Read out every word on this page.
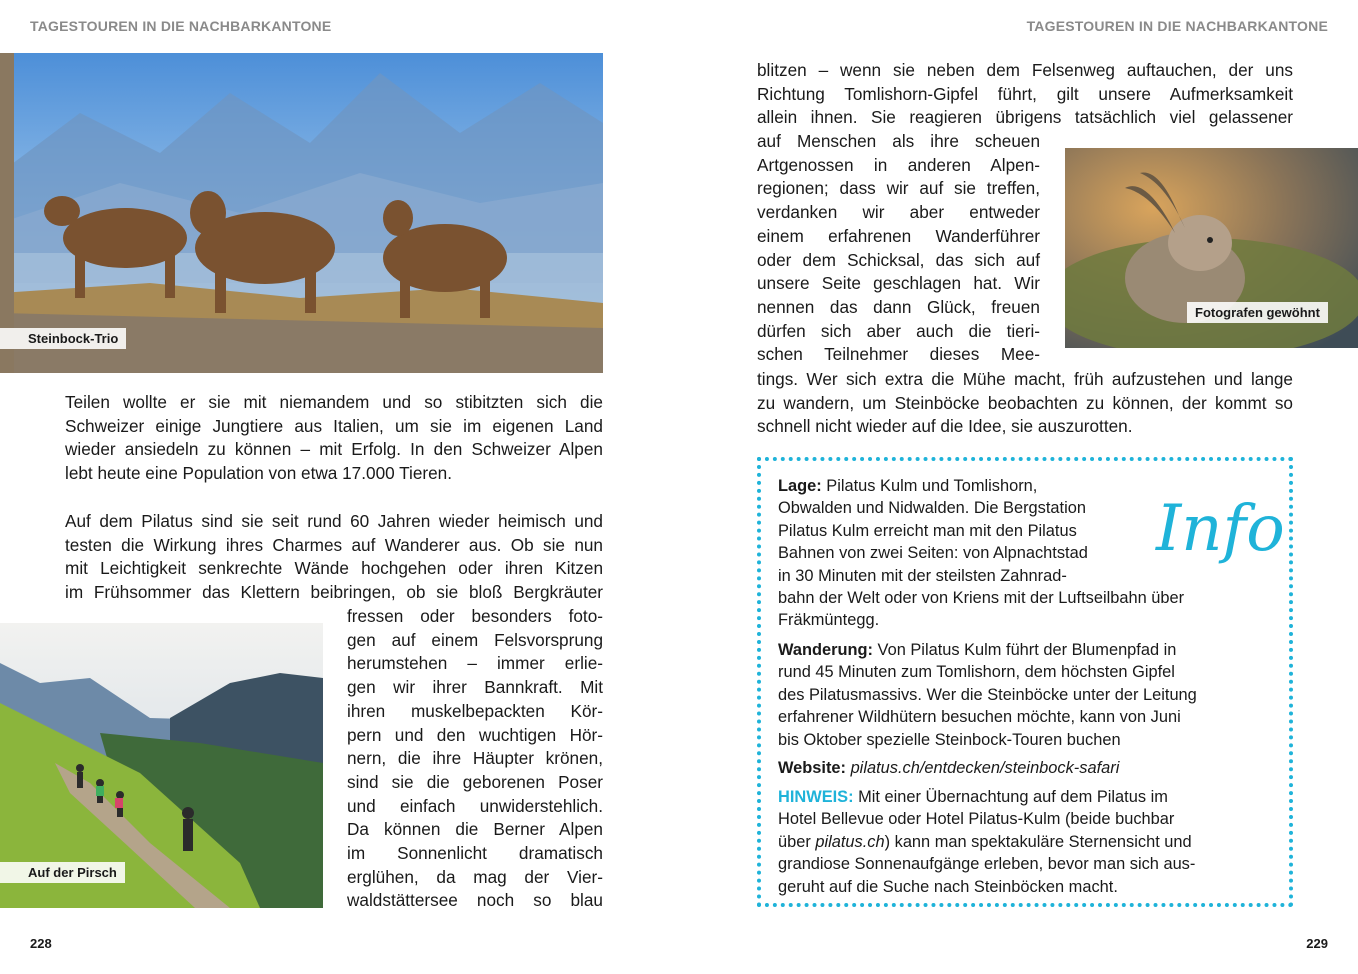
TAGESTOUREN IN DIE NACHBARKANTONE	TAGESTOUREN IN DIE NACHBARKANTONE
Steinbock-Trio
Teilen wollte er sie mit niemandem und so stibitzten sich die
Schweizer einige Jungtiere aus Italien, um sie im eigenen Land
wieder ansiedeln zu können – mit Erfolg. In den Schweizer Alpen
lebt heute eine Population von etwa 17.000 Tieren.
Auf dem Pilatus sind sie seit rund 60 Jahren wieder heimisch und
testen die Wirkung ihres Charmes auf Wanderer aus. Ob sie nun
mit Leichtigkeit senkrechte Wände hochgehen oder ihren Kitzen
im Frühsommer das Klettern beibringen, ob sie bloß Bergkräuter
fressen oder besonders foto-
gen auf einem Felsvorsprung
herumstehen – immer erlie-
gen wir ihrer Bannkraft. Mit
ihren muskelbepackten Kör-
pern und den wuchtigen Hör-
nern, die ihre Häupter krönen,
sind sie die geborenen Poser
und einfach unwiderstehlich.
Da können die Berner Alpen
im Sonnenlicht dramatisch
erglühen, da mag der Vier-
waldstättersee noch so blau
Auf der Pirsch
blitzen – wenn sie neben dem Felsenweg auftauchen, der uns
Richtung Tomlishorn-Gipfel führt, gilt unsere Aufmerksamkeit
allein ihnen. Sie reagieren übrigens tatsächlich viel gelassener
auf Menschen als ihre scheuen
Artgenossen in anderen Alpen-
regionen; dass wir auf sie treffen,
verdanken wir aber entweder
einem erfahrenen Wanderführer
oder dem Schicksal, das sich auf
unsere Seite geschlagen hat. Wir
nennen das dann Glück, freuen
dürfen sich aber auch die tieri-
schen Teilnehmer dieses Mee-
tings. Wer sich extra die Mühe macht, früh aufzustehen und lange
zu wandern, um Steinböcke beobachten zu können, der kommt so
schnell nicht wieder auf die Idee, sie auszurotten.
Fotografen gewöhnt
Info
Lage: Pilatus Kulm und Tomlishorn,
Obwalden und Nidwalden. Die Bergstation
Pilatus Kulm erreicht man mit den Pilatus
Bahnen von zwei Seiten: von Alpnachtstad
in 30 Minuten mit der steilsten Zahnrad-
bahn der Welt oder von Kriens mit der Luftseilbahn über
Fräkmüntegg.
Wanderung: Von Pilatus Kulm führt der Blumenpfad in
rund 45 Minuten zum Tomlishorn, dem höchsten Gipfel
des Pilatusmassivs. Wer die Steinböcke unter der Leitung
erfahrener Wildhütern besuchen möchte, kann von Juni
bis Oktober spezielle Steinbock-Touren buchen
Website: pilatus.ch/entdecken/steinbock-safari
HINWEIS: Mit einer Übernachtung auf dem Pilatus im
Hotel Bellevue oder Hotel Pilatus-Kulm (beide buchbar
über pilatus.ch) kann man spektakuläre Sternensicht und
grandiose Sonnenaufgänge erleben, bevor man sich aus-
geruht auf die Suche nach Steinböcken macht.
228	229
